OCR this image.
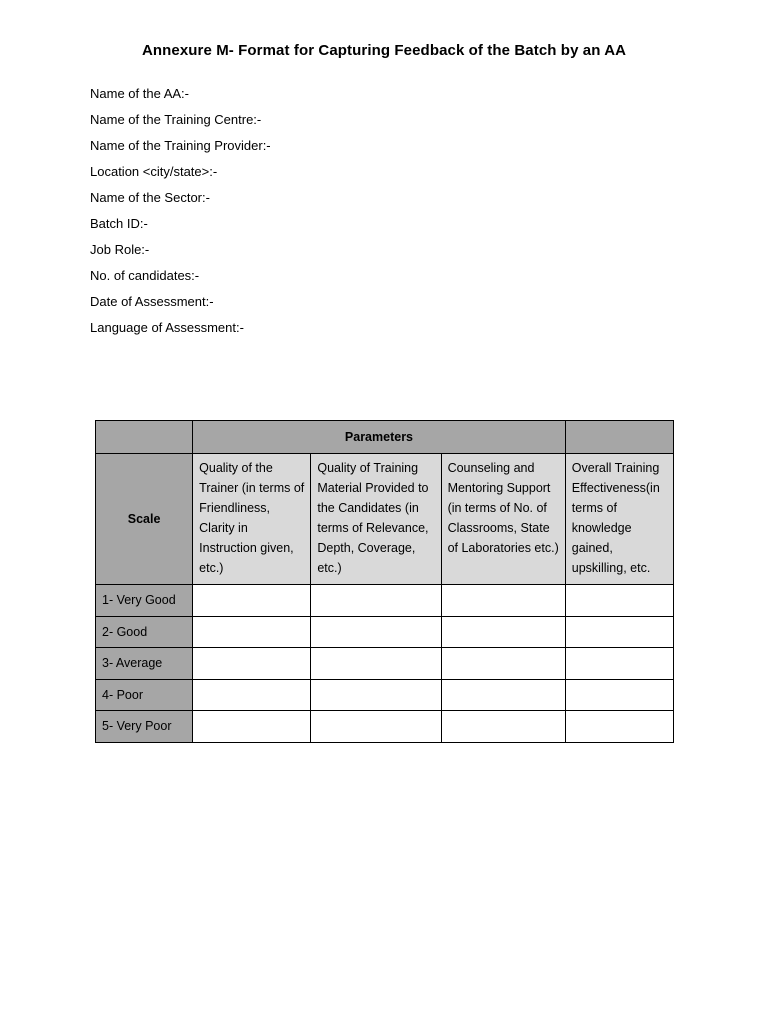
Annexure M- Format for Capturing Feedback of the Batch by an AA
Name of the AA:-
Name of the Training Centre:-
Name of the Training Provider:-
Location <city/state>:-
Name of the Sector:-
Batch ID:-
Job Role:-
No. of candidates:-
Date of Assessment:-
Language of Assessment:-
	Parameters			
Scale	Quality of the Trainer (in terms of Friendliness, Clarity in Instruction given, etc.)	Quality of Training Material Provided to the Candidates (in terms of Relevance, Depth, Coverage, etc.)	Counseling and Mentoring Support (in terms of No. of Classrooms, State of Laboratories etc.)	Overall Training Effectiveness(in terms of knowledge gained, upskilling, etc.
1- Very Good				
2- Good				
3- Average				
4- Poor				
5- Very Poor				
